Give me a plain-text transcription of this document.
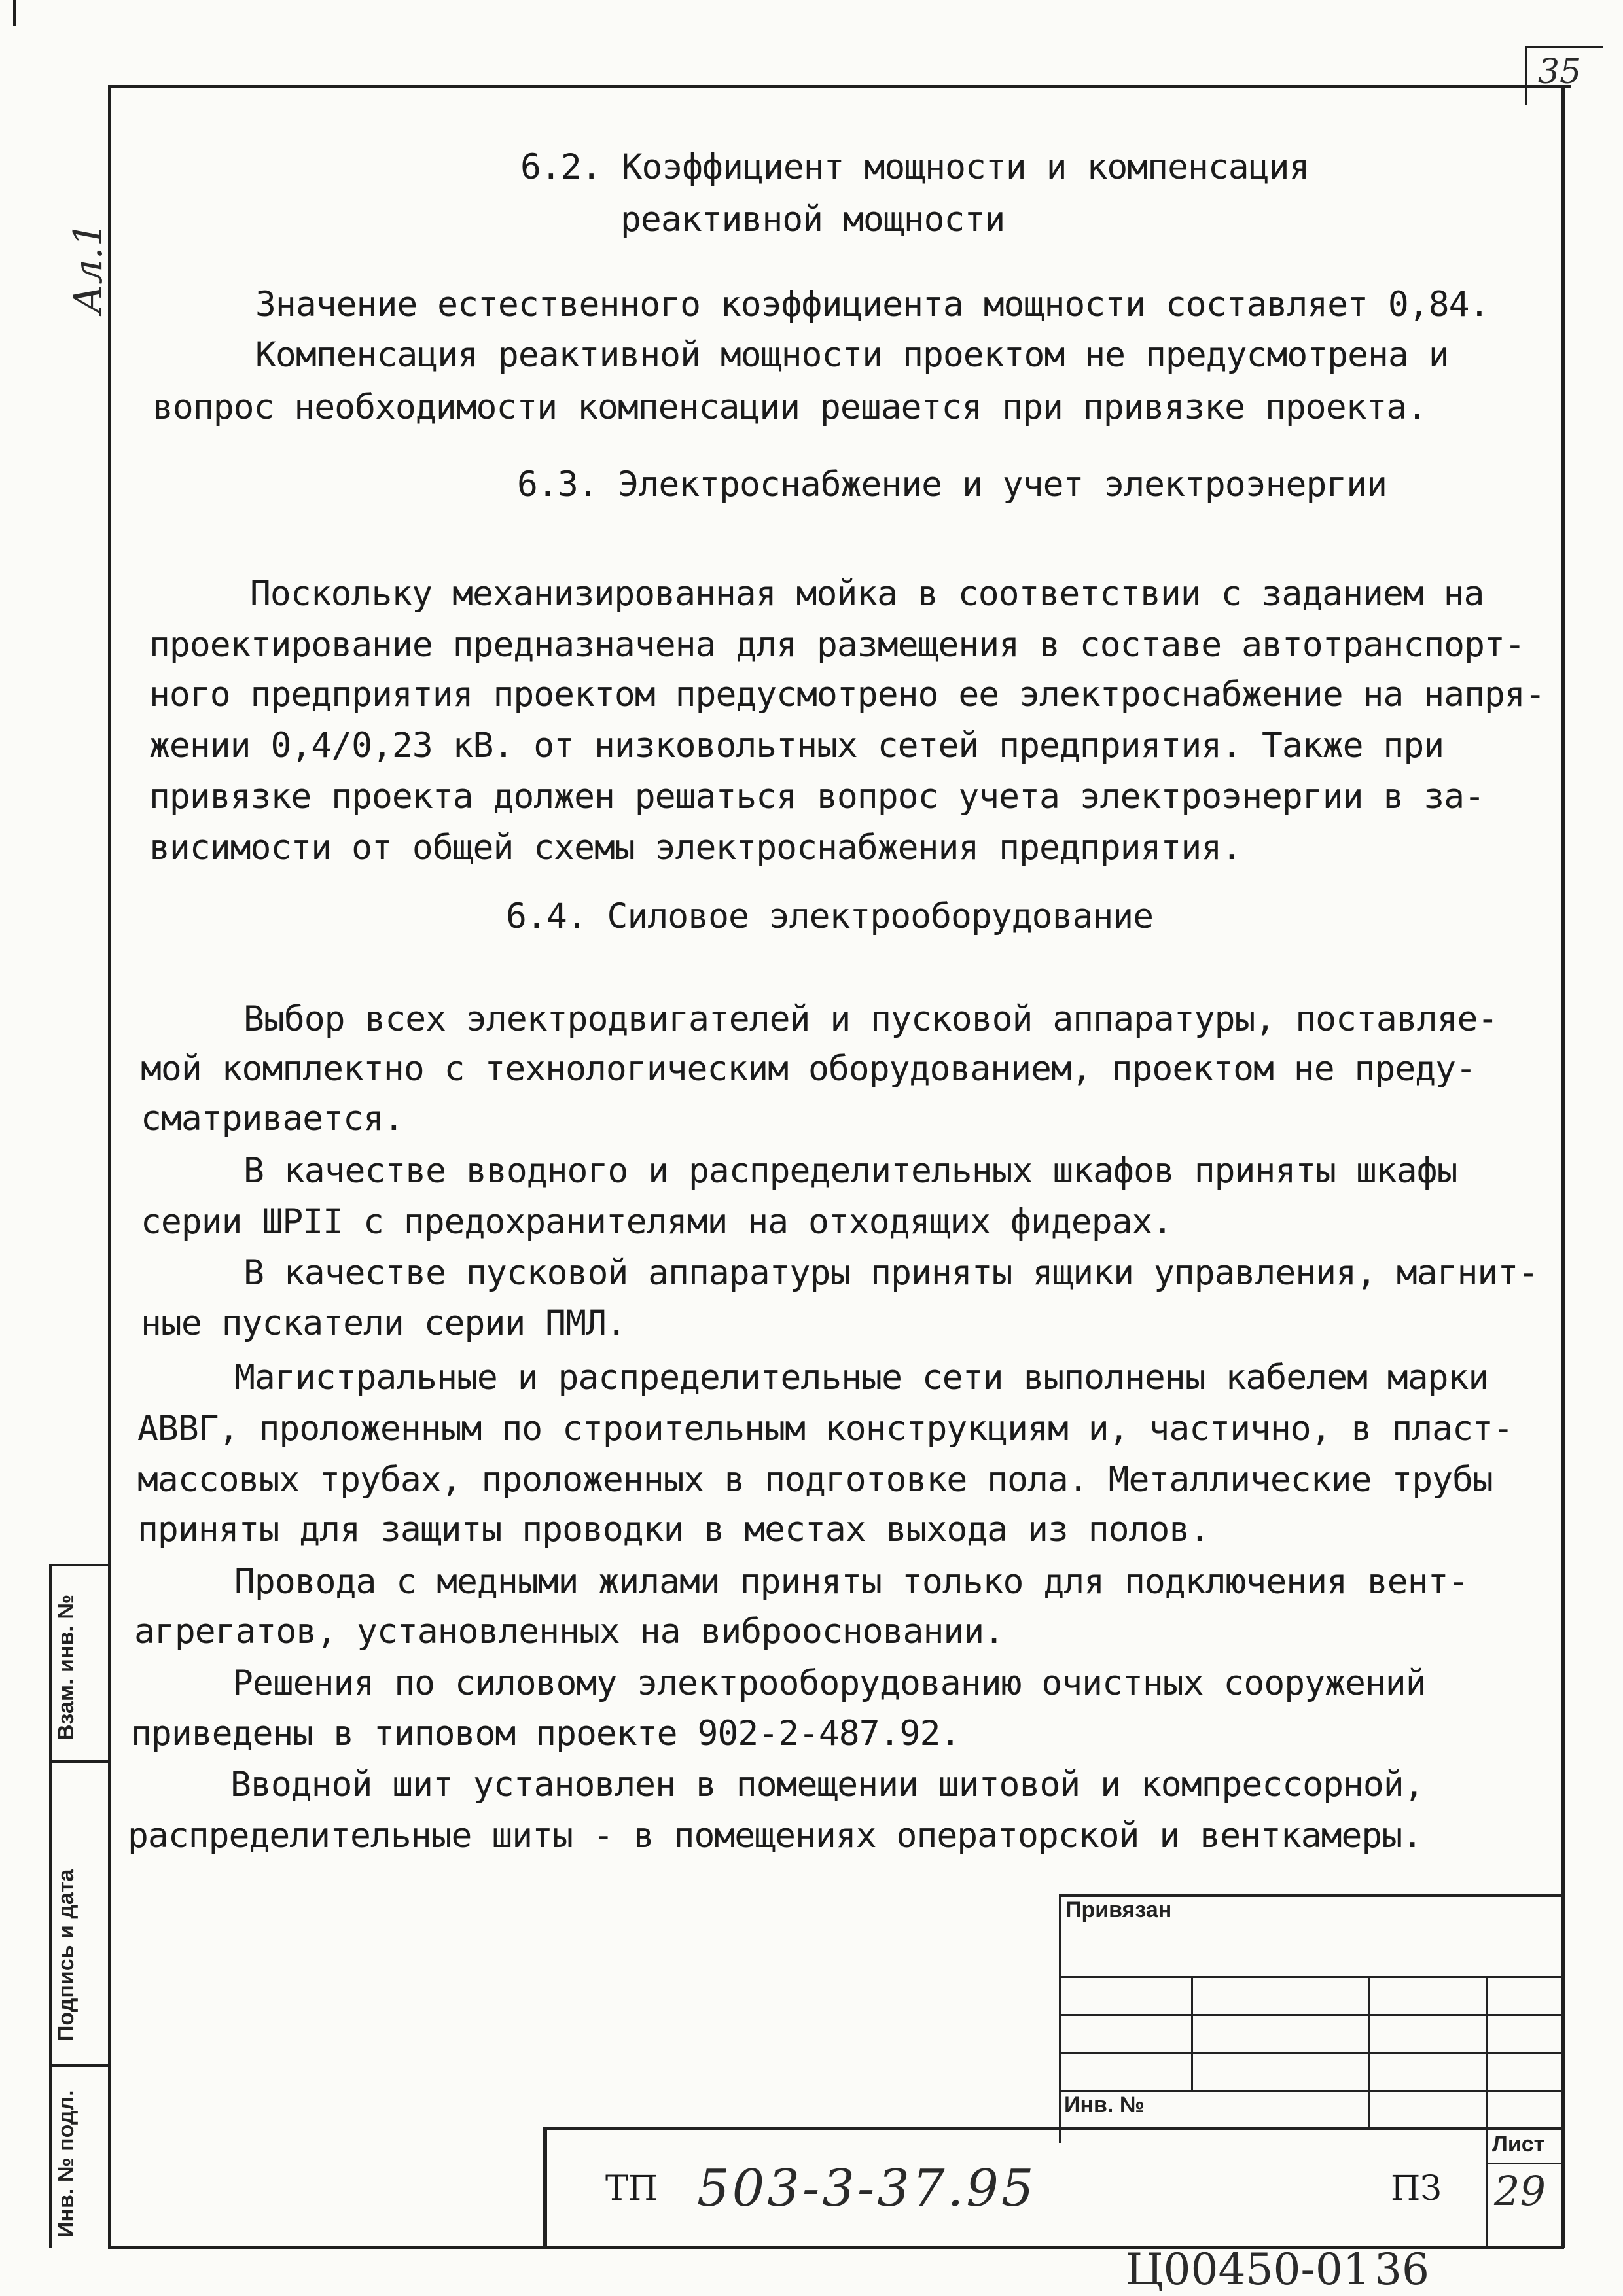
35
Ал.1
Взам. инв. №
Подпись и дата
Инв. № подл.
6.2. Коэффициент мощности и компенсация
реактивной мощности
Значение естественного коэффициента мощности составляет 0,84.
Компенсация реактивной мощности проектом не предусмотрена и
вопрос необходимости компенсации решается при привязке проекта.
6.3. Электроснабжение и учет электроэнергии
Поскольку механизированная мойка в соответствии с заданием на
проектирование предназначена для размещения в составе автотранспорт-
ного предприятия проектом предусмотрено ее электроснабжение на напря-
жении 0,4/0,23 кВ. от низковольтных сетей предприятия. Также при
привязке проекта должен решаться вопрос учета электроэнергии в за-
висимости от общей схемы электроснабжения предприятия.
6.4. Силовое электрооборудование
Выбор всех электродвигателей и пусковой аппаратуры, поставляе-
мой комплектно с технологическим оборудованием, проектом не преду-
сматривается.
В качестве вводного и распределительных шкафов приняты шкафы
серии ШРII с предохранителями на отходящих фидерах.
В качестве пусковой аппаратуры приняты ящики управления, магнит-
ные пускатели серии ПМЛ.
Магистральные и распределительные сети выполнены кабелем марки
АВВГ, проложенным по строительным конструкциям и, частично, в пласт-
массовых трубах, проложенных в подготовке пола. Металлические трубы
приняты для защиты проводки в местах выхода из полов.
Провода с медными жилами приняты только для подключения вент-
агрегатов, установленных на виброосновании.
Решения по силовому электрооборудованию очистных сооружений
приведены в типовом проекте 902-2-487.92.
Вводной шит установлен в помещении шитовой и компрессорной,
распределительные шиты - в помещениях операторской и венткамеры.
Привязан
Инв. №
Лист
29
ТП 503-3-37.95	ПЗ
Ц00450-01 36
